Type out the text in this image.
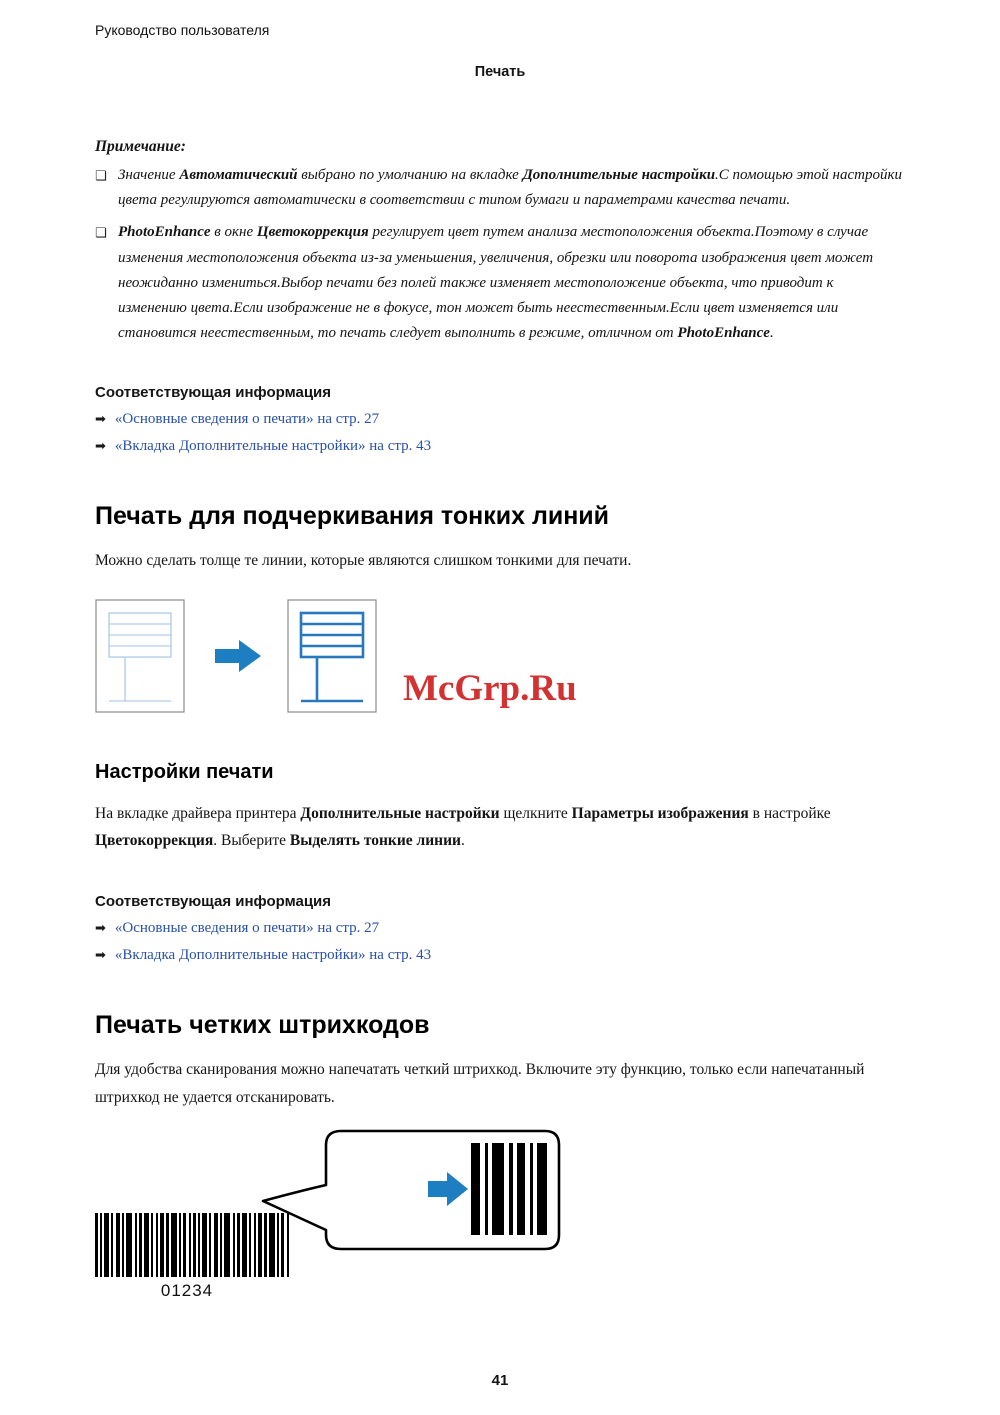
Руководство пользователя
Печать
Примечание:
❏ Значение Автоматический выбрано по умолчанию на вкладке Дополнительные настройки.С помощью этой настройки цвета регулируются автоматически в соответствии с типом бумаги и параметрами качества печати.
❏ PhotoEnhance в окне Цветокоррекция регулирует цвет путем анализа местоположения объекта.Поэтому в случае изменения местоположения объекта из-за уменьшения, увеличения, обрезки или поворота изображения цвет может неожиданно измениться.Выбор печати без полей также изменяет местоположение объекта, что приводит к изменению цвета.Если изображение не в фокусе, тон может быть неестественным.Если цвет изменяется или становится неестественным, то печать следует выполнить в режиме, отличном от PhotoEnhance.
Соответствующая информация
➡ «Основные сведения о печати» на стр. 27
➡ «Вкладка Дополнительные настройки» на стр. 43
Печать для подчеркивания тонких линий

Можно сделать толще те линии, которые являются слишком тонкими для печати.

McGrp.Ru
Настройки печати

На вкладке драйвера принтера Дополнительные настройки щелкните Параметры изображения в настройке Цветокоррекция. Выберите Выделять тонкие линии.

Соответствующая информация
➡ «Основные сведения о печати» на стр. 27
➡ «Вкладка Дополнительные настройки» на стр. 43
Печать четких штрихкодов

Для удобства сканирования можно напечатать четкий штрихкод. Включите эту функцию, только если напечатанный штрихкод не удается отсканировать.

01234
41
